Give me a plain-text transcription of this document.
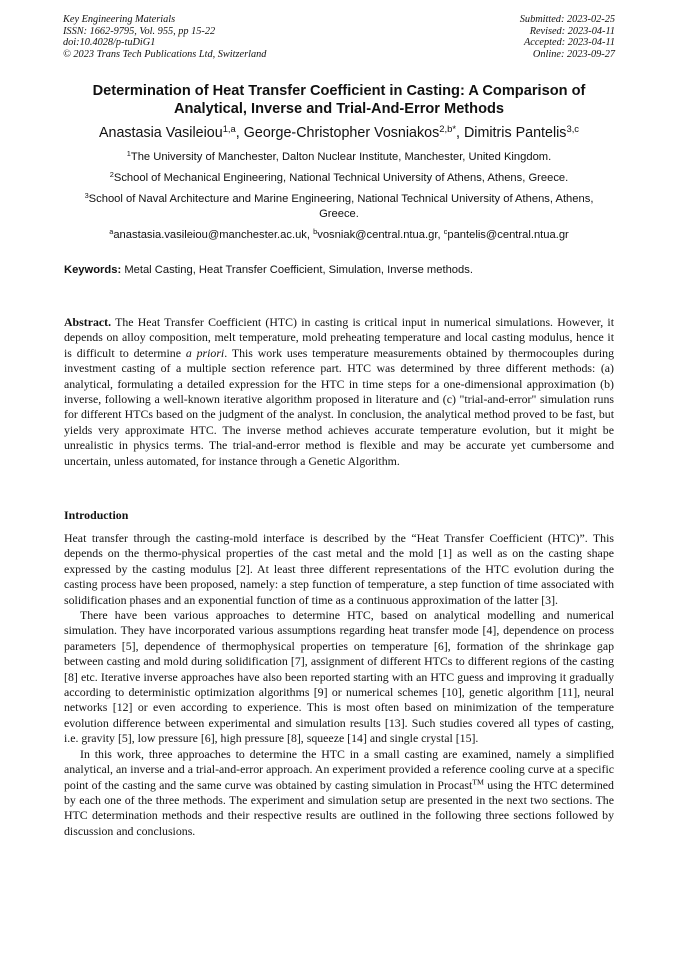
Key Engineering Materials
ISSN: 1662-9795, Vol. 955, pp 15-22
doi:10.4028/p-tuDiG1
© 2023 Trans Tech Publications Ltd, Switzerland
Submitted: 2023-02-25
Revised: 2023-04-11
Accepted: 2023-04-11
Online: 2023-09-27
Determination of Heat Transfer Coefficient in Casting: A Comparison of Analytical, Inverse and Trial-And-Error Methods
Anastasia Vasileiou$^{1,a}$, George-Christopher Vosniakos$^{2,b*}$, Dimitris Pantelis$^{3,c}$
$^1$The University of Manchester, Dalton Nuclear Institute, Manchester, United Kingdom.
$^2$School of Mechanical Engineering, National Technical University of Athens, Athens, Greece.
$^3$School of Naval Architecture and Marine Engineering, National Technical University of Athens, Athens, Greece.
$^a$anastasia.vasileiou@manchester.ac.uk, $^b$vosniak@central.ntua.gr, $^c$pantelis@central.ntua.gr
Keywords: Metal Casting, Heat Transfer Coefficient, Simulation, Inverse methods.

Abstract. The Heat Transfer Coefficient (HTC) in casting is critical input in numerical simulations. However, it depends on alloy composition, melt temperature, mold preheating temperature and local casting modulus, hence it is difficult to determine a priori. This work uses temperature measurements obtained by thermocouples during investment casting of a multiple section reference part. HTC was determined by three different methods: (a) analytical, formulating a detailed expression for the HTC in time steps for a one-dimensional approximation (b) inverse, following a well-known iterative algorithm proposed in literature and (c) "trial-and-error" simulation runs for different HTCs based on the judgment of the analyst. In conclusion, the analytical method proved to be fast, but yields very approximate HTC. The inverse method achieves accurate temperature evolution, but it might be unrealistic in physics terms. The trial-and-error method is flexible and may be accurate yet cumbersome and uncertain, unless automated, for instance through a Genetic Algorithm.

Introduction

Heat transfer through the casting-mold interface is described by the “Heat Transfer Coefficient (HTC)”. This depends on the thermo-physical properties of the cast metal and the mold [1] as well as on the casting shape expressed by the casting modulus [2]. At least three different representations of the HTC evolution during the casting process have been proposed, namely: a step function of temperature, a step function of time associated with solidification phases and an exponential function of time as a continuous approximation of the latter [3].

There have been various approaches to determine HTC, based on analytical modelling and numerical simulation. They have incorporated various assumptions regarding heat transfer mode [4], dependence on process parameters [5], dependence of thermophysical properties on temperature [6], formation of the shrinkage gap between casting and mold during solidification [7], assignment of different HTCs to different regions of the casting [8] etc. Iterative inverse approaches have also been reported starting with an HTC guess and improving it gradually according to deterministic optimization algorithms [9] or numerical schemes [10], genetic algorithm [11], neural networks [12] or even according to experience. This is most often based on minimization of the temperature evolution difference between experimental and simulation results [13]. Such studies covered all types of casting, i.e. gravity [5], low pressure [6], high pressure [8], squeeze [14] and single crystal [15].

In this work, three approaches to determine the HTC in a small casting are examined, namely a simplified analytical, an inverse and a trial-and-error approach. An experiment provided a reference cooling curve at a specific point of the casting and the same curve was obtained by casting simulation in Procast™ using the HTC determined by each one of the three methods. The experiment and simulation setup are presented in the next two sections. The HTC determination methods and their respective results are outlined in the following three sections followed by discussion and conclusions.
